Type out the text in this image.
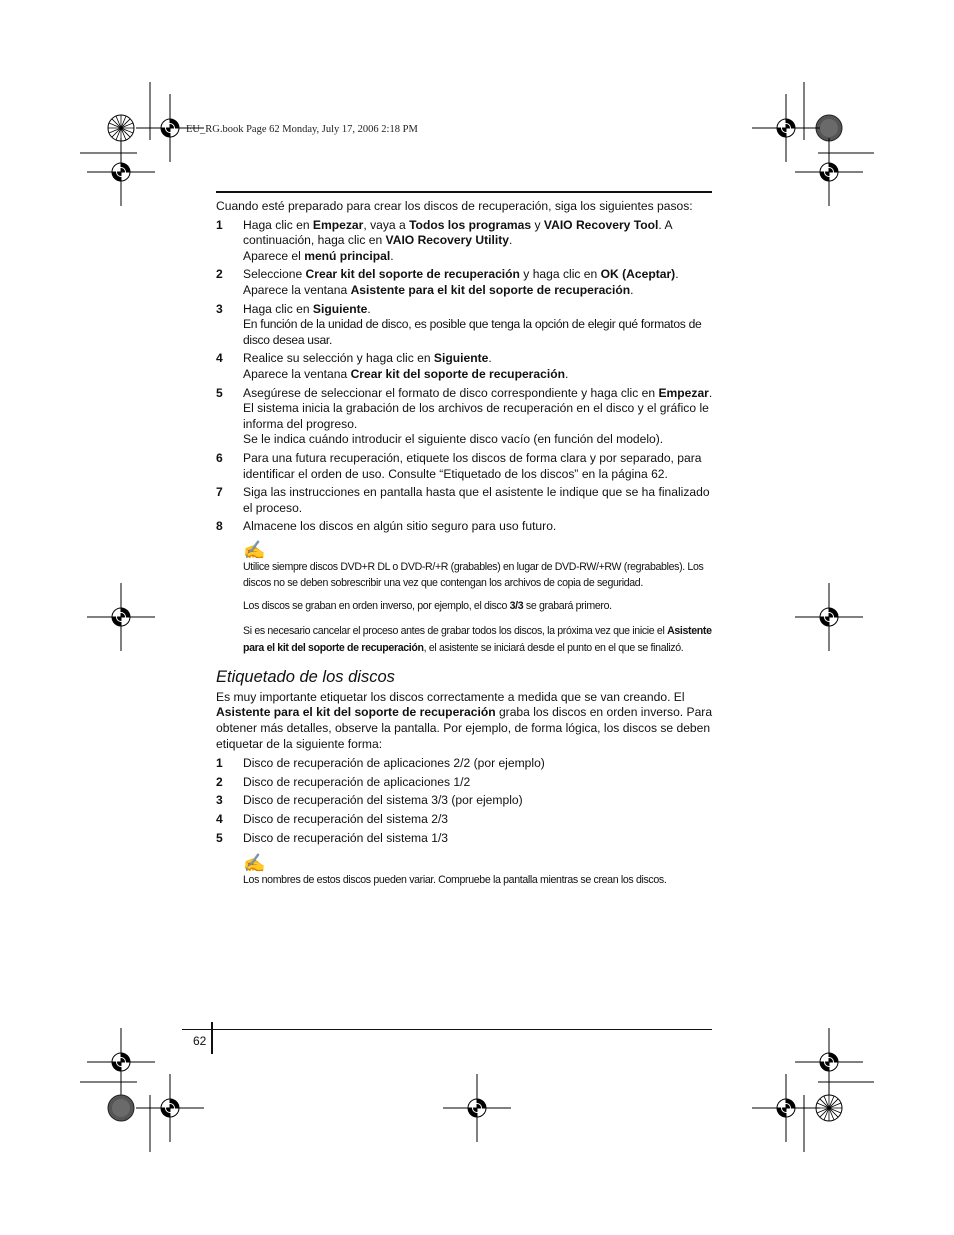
EU_RG.book Page 62 Monday, July 17, 2006 2:18 PM

Cuando esté preparado para crear los discos de recuperación, siga los siguientes pasos:

1 Haga clic en Empezar, vaya a Todos los programas y VAIO Recovery Tool. A continuación, haga clic en VAIO Recovery Utility.

Aparece el menú principal.

2 Seleccione Crear kit del soporte de recuperación y haga clic en OK (Aceptar).

Aparece la ventana Asistente para el kit del soporte de recuperación.

3 Haga clic en Siguiente.

En función de la unidad de disco, es posible que tenga la opción de elegir qué formatos de disco desea usar.

4 Realice su selección y haga clic en Siguiente.

Aparece la ventana Crear kit del soporte de recuperación.

5 Asegúrese de seleccionar el formato de disco correspondiente y haga clic en Empezar.

El sistema inicia la grabación de los archivos de recuperación en el disco y el gráfico le informa del progreso.

Se le indica cuándo introducir el siguiente disco vacío (en función del modelo).

6 Para una futura recuperación, etiquete los discos de forma clara y por separado, para identificar el orden de uso. Consulte “Etiquetado de los discos” en la página 62.

7 Siga las instrucciones en pantalla hasta que el asistente le indique que se ha finalizado el proceso.

8 Almacene los discos en algún sitio seguro para uso futuro.

✍

Utilice siempre discos DVD+R DL o DVD-R/+R (grabables) en lugar de DVD-RW/+RW (regrabables). Los discos no se deben sobrescribir una vez que contengan los archivos de copia de seguridad.

Los discos se graban en orden inverso, por ejemplo, el disco 3/3 se grabará primero.

Si es necesario cancelar el proceso antes de grabar todos los discos, la próxima vez que inicie el Asistente para el kit del soporte de recuperación, el asistente se iniciará desde el punto en el que se finalizó.

Etiquetado de los discos

Es muy importante etiquetar los discos correctamente a medida que se van creando. El Asistente para el kit del soporte de recuperación graba los discos en orden inverso. Para obtener más detalles, observe la pantalla. Por ejemplo, de forma lógica, los discos se deben etiquetar de la siguiente forma:

1 Disco de recuperación de aplicaciones 2/2 (por ejemplo)

2 Disco de recuperación de aplicaciones 1/2

3 Disco de recuperación del sistema 3/3 (por ejemplo)

4 Disco de recuperación del sistema 2/3

5 Disco de recuperación del sistema 1/3

✍

Los nombres de estos discos pueden variar. Compruebe la pantalla mientras se crean los discos.

62
